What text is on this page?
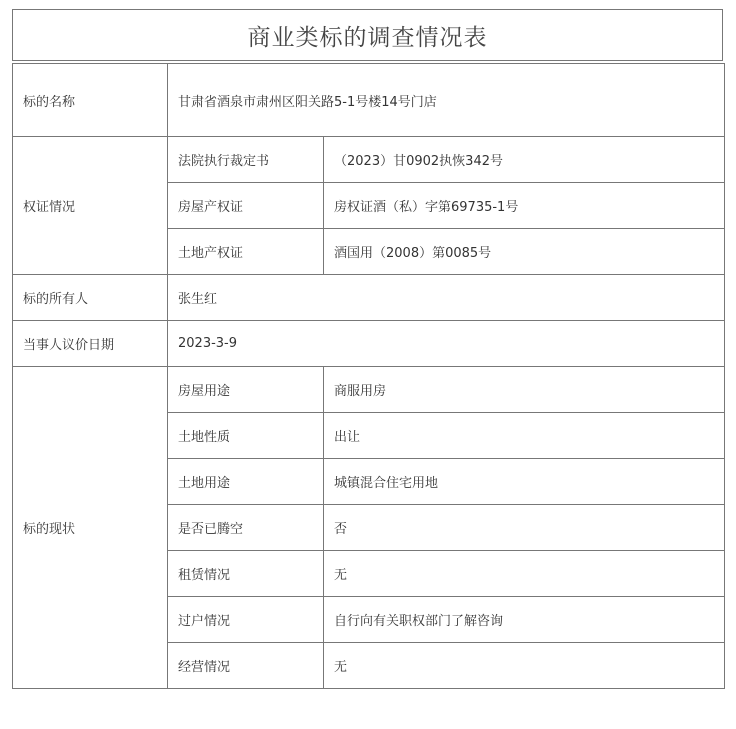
商业类标的调查情况表
标的名称	甘肃省酒泉市肃州区阳关路5-1号楼14号门店	
权证情况	法院执行裁定书	（2023）甘0902执恢342号
	房屋产权证	房权证酒（私）字第69735-1号
	土地产权证	酒国用（2008）第0085号
标的所有人	张生红	
当事人议价日期	2023-3-9	
标的现状	房屋用途	商服用房
	土地性质	出让
	土地用途	城镇混合住宅用地
	是否已腾空	否
	租赁情况	无
	过户情况	自行向有关职权部门了解咨询
	经营情况	无
